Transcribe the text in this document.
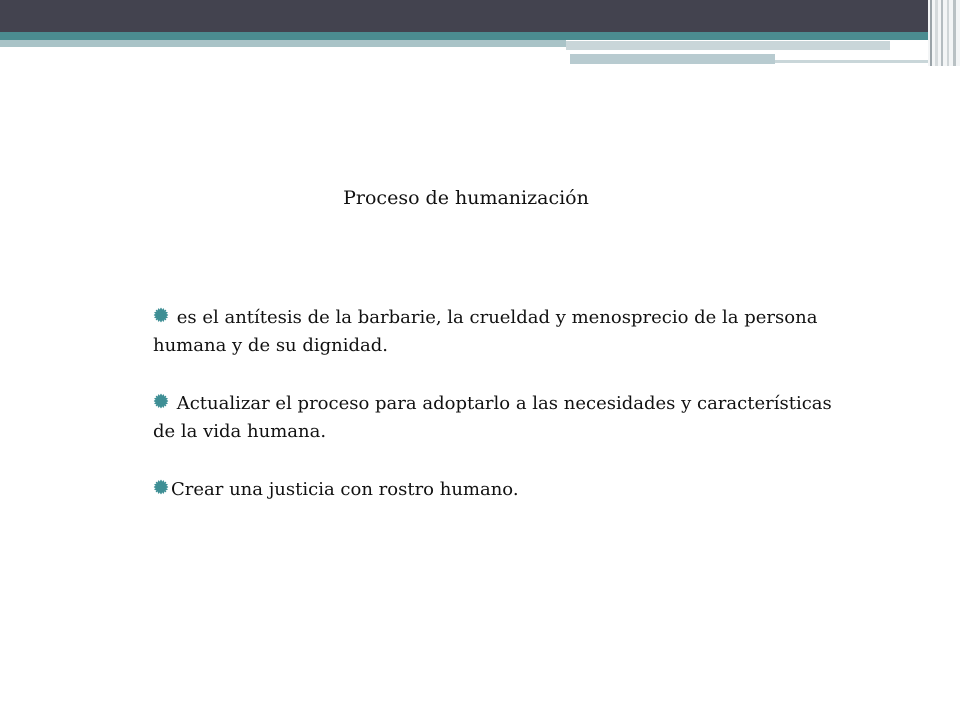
Proceso de humanización

es el antítesis de la barbarie, la crueldad y menosprecio de la persona humana y de su dignidad.

Actualizar el proceso para adoptarlo a las necesidades y características de la vida humana.

Crear una justicia con rostro humano.
